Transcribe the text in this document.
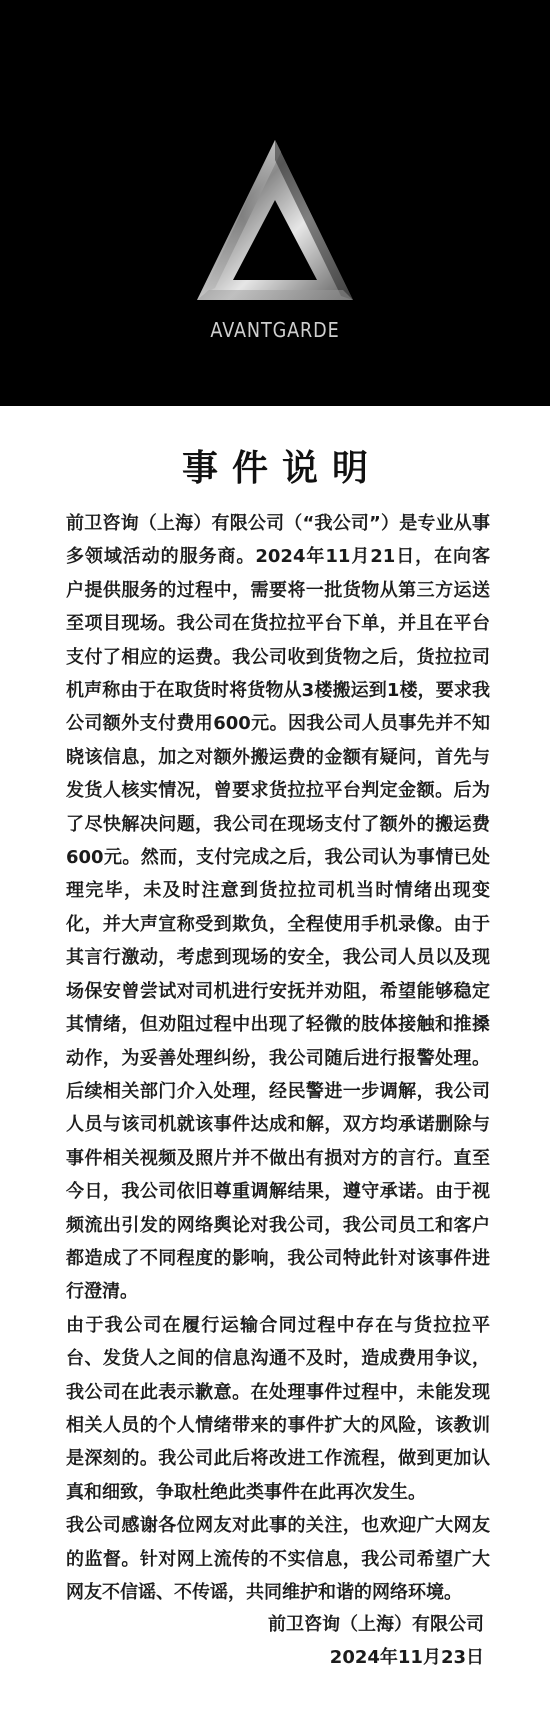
AVANTGARDE
事件说明

前卫咨询（上海）有限公司（“我公司”）是专业从事多领域活动的服务商。2024年11月21日，在向客户提供服务的过程中，需要将一批货物从第三方运送至项目现场。我公司在货拉拉平台下单，并且在平台支付了相应的运费。我公司收到货物之后，货拉拉司机声称由于在取货时将货物从3楼搬运到1楼，要求我公司额外支付费用600元。因我公司人员事先并不知晓该信息，加之对额外搬运费的金额有疑问，首先与发货人核实情况，曾要求货拉拉平台判定金额。后为了尽快解决问题，我公司在现场支付了额外的搬运费600元。然而，支付完成之后，我公司认为事情已处理完毕，未及时注意到货拉拉司机当时情绪出现变化，并大声宣称受到欺负，全程使用手机录像。由于其言行激动，考虑到现场的安全，我公司人员以及现场保安曾尝试对司机进行安抚并劝阻，希望能够稳定其情绪，但劝阻过程中出现了轻微的肢体接触和推搡动作，为妥善处理纠纷，我公司随后进行报警处理。后续相关部门介入处理，经民警进一步调解，我公司人员与该司机就该事件达成和解，双方均承诺删除与事件相关视频及照片并不做出有损对方的言行。直至今日，我公司依旧尊重调解结果，遵守承诺。由于视频流出引发的网络舆论对我公司，我公司员工和客户都造成了不同程度的影响，我公司特此针对该事件进行澄清。

由于我公司在履行运输合同过程中存在与货拉拉平台、发货人之间的信息沟通不及时，造成费用争议，我公司在此表示歉意。在处理事件过程中，未能发现相关人员的个人情绪带来的事件扩大的风险，该教训是深刻的。我公司此后将改进工作流程，做到更加认真和细致，争取杜绝此类事件在此再次发生。

我公司感谢各位网友对此事的关注，也欢迎广大网友的监督。针对网上流传的不实信息，我公司希望广大网友不信谣、不传谣，共同维护和谐的网络环境。

前卫咨询（上海）有限公司
2024年11月23日
